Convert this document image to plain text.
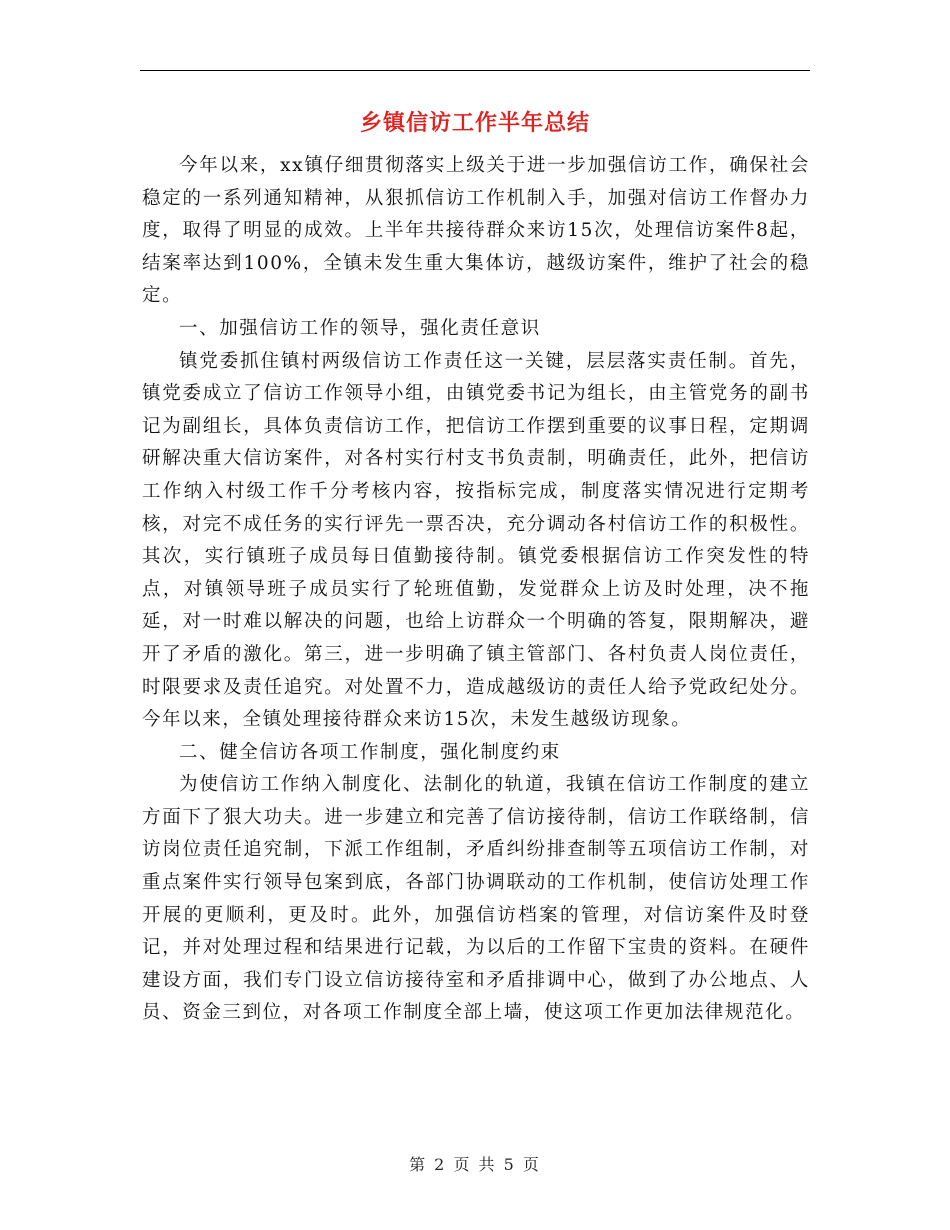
乡镇信访工作半年总结

今年以来，xx镇仔细贯彻落实上级关于进一步加强信访工作，确保社会稳定的一系列通知精神，从狠抓信访工作机制入手，加强对信访工作督办力度，取得了明显的成效。上半年共接待群众来访15次，处理信访案件8起，结案率达到100%，全镇未发生重大集体访，越级访案件，维护了社会的稳定。

一、加强信访工作的领导，强化责任意识

镇党委抓住镇村两级信访工作责任这一关键，层层落实责任制。首先，镇党委成立了信访工作领导小组，由镇党委书记为组长，由主管党务的副书记为副组长，具体负责信访工作，把信访工作摆到重要的议事日程，定期调研解决重大信访案件，对各村实行村支书负责制，明确责任，此外，把信访工作纳入村级工作千分考核内容，按指标完成，制度落实情况进行定期考核，对完不成任务的实行评先一票否决，充分调动各村信访工作的积极性。其次，实行镇班子成员每日值勤接待制。镇党委根据信访工作突发性的特点，对镇领导班子成员实行了轮班值勤，发觉群众上访及时处理，决不拖延，对一时难以解决的问题，也给上访群众一个明确的答复，限期解决，避开了矛盾的激化。第三，进一步明确了镇主管部门、各村负责人岗位责任，时限要求及责任追究。对处置不力，造成越级访的责任人给予党政纪处分。今年以来，全镇处理接待群众来访15次，未发生越级访现象。

二、健全信访各项工作制度，强化制度约束

为使信访工作纳入制度化、法制化的轨道，我镇在信访工作制度的建立方面下了狠大功夫。进一步建立和完善了信访接待制，信访工作联络制，信访岗位责任追究制，下派工作组制，矛盾纠纷排查制等五项信访工作制，对重点案件实行领导包案到底，各部门协调联动的工作机制，使信访处理工作开展的更顺利，更及时。此外，加强信访档案的管理，对信访案件及时登记，并对处理过程和结果进行记载，为以后的工作留下宝贵的资料。在硬件建设方面，我们专门设立信访接待室和矛盾排调中心，做到了办公地点、人员、资金三到位，对各项工作制度全部上墙，使这项工作更加法律规范化。

第 2 页 共 5 页
